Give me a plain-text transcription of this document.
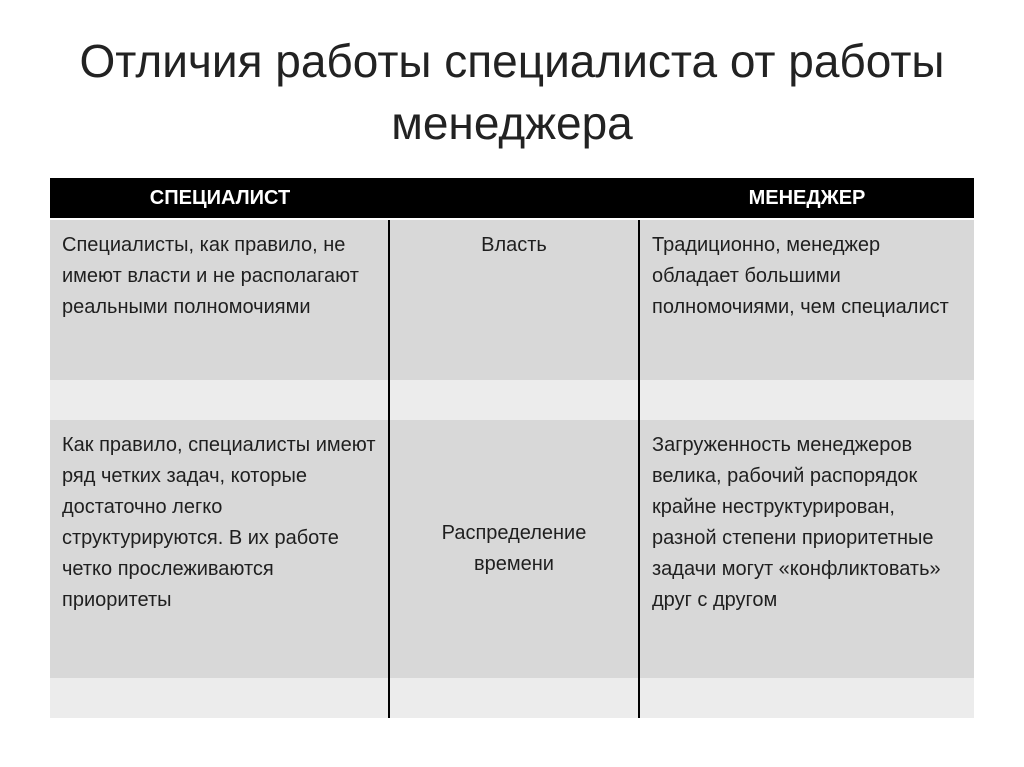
Отличия работы специалиста от работы менеджера
СПЕЦИАЛИСТ	МЕНЕДЖЕР
Специалисты, как правило, не имеют власти и не располагают реальными полномочиями
Власть	Традиционно, менеджер обладает большими полномочиями, чем специалист
Как правило, специалисты имеют ряд четких задач, которые достаточно легко структурируются. В их работе четко прослеживаются приоритеты
Распределение времени
Загруженность менеджеров велика, рабочий распорядок крайне неструктурирован, разной степени приоритетные задачи могут «конфликтовать» друг с другом
